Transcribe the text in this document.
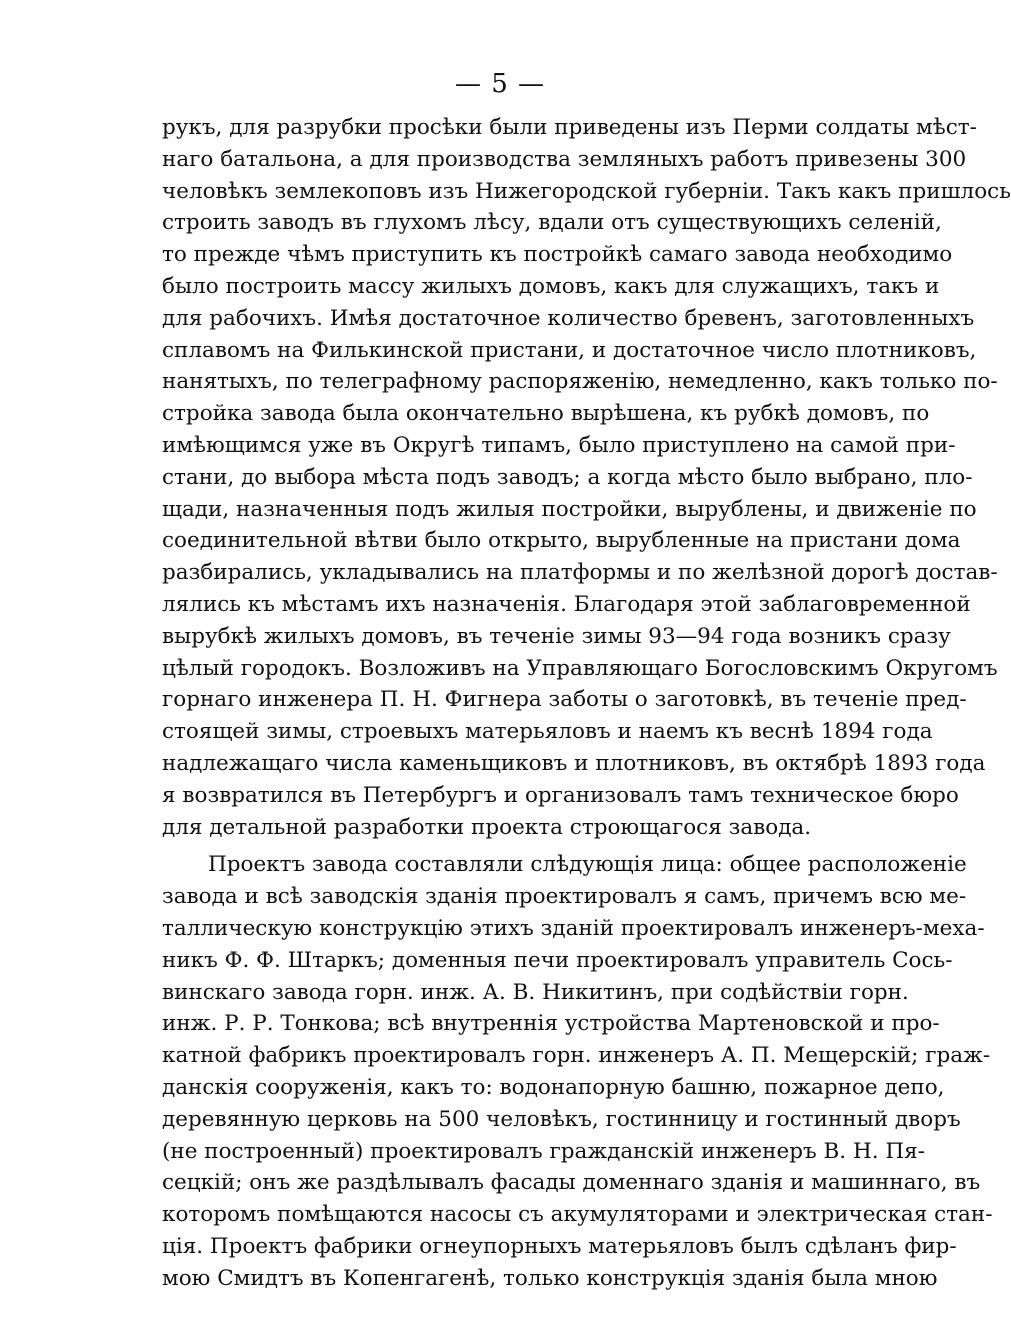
— 5 —

рукъ, для разрубки просѣки были приведены изъ Перми солдаты мѣст-
наго батальона, а для производства земляныхъ работъ привезены 300
человѣкъ землекоповъ изъ Нижегородской губерніи. Такъ какъ пришлось
строить заводъ въ глухомъ лѣсу, вдали отъ существующихъ селеній,
то прежде чѣмъ приступить къ постройкѣ самаго завода необходимо
было построить массу жилыхъ домовъ, какъ для служащихъ, такъ и
для рабочихъ. Имѣя достаточное количество бревенъ, заготовленныхъ
сплавомъ на Филькинской пристани, и достаточное число плотниковъ,
нанятыхъ, по телеграфному распоряженію, немедленно, какъ только по-
стройка завода была окончательно вырѣшена, къ рубкѣ домовъ, по
имѣющимся уже въ Округѣ типамъ, было приступлено на самой при-
стани, до выбора мѣста подъ заводъ; а когда мѣсто было выбрано, пло-
щади, назначенныя подъ жилыя постройки, вырублены, и движеніе по
соединительной вѣтви было открыто, вырубленные на пристани дома
разбирались, укладывались на платформы и по желѣзной дорогѣ достав-
лялись къ мѣстамъ ихъ назначенія. Благодаря этой заблаговременной
вырубкѣ жилыхъ домовъ, въ теченіе зимы 93—94 года возникъ сразу
цѣлый городокъ. Возложивъ на Управляющаго Богословскимъ Округомъ
горнаго инженера П. Н. Фигнера заботы о заготовкѣ, въ теченіе пред-
стоящей зимы, строевыхъ матерьяловъ и наемъ къ веснѣ 1894 года
надлежащаго числа каменьщиковъ и плотниковъ, въ октябрѣ 1893 года
я возвратился въ Петербургъ и организовалъ тамъ техническое бюро
для детальной разработки проекта строющагося завода.

Проектъ завода составляли слѣдующія лица: общее расположеніе
завода и всѣ заводскія зданія проектировалъ я самъ, причемъ всю ме-
таллическую конструкцію этихъ зданій проектировалъ инженеръ-меха-
никъ Ф. Ф. Штаркъ; доменныя печи проектировалъ управитель Сось-
винскаго завода горн. инж. А. В. Никитинъ, при содѣйствіи горн.
инж. Р. Р. Тонкова; всѣ внутреннія устройства Мартеновской и про-
катной фабрикъ проектировалъ горн. инженеръ А. П. Мещерскій; граж-
данскія сооруженія, какъ то: водонапорную башню, пожарное депо,
деревянную церковь на 500 человѣкъ, гостинницу и гостинный дворъ
(не построенный) проектировалъ гражданскій инженеръ В. Н. Пя-
сецкій; онъ же раздѣлывалъ фасады доменнаго зданія и машиннаго, въ
которомъ помѣщаются насосы съ акумуляторами и электрическая стан-
ція. Проектъ фабрики огнеупорныхъ матерьяловъ былъ сдѣланъ фир-
мою Смидтъ въ Копенгагенѣ, только конструкція зданія была мною
